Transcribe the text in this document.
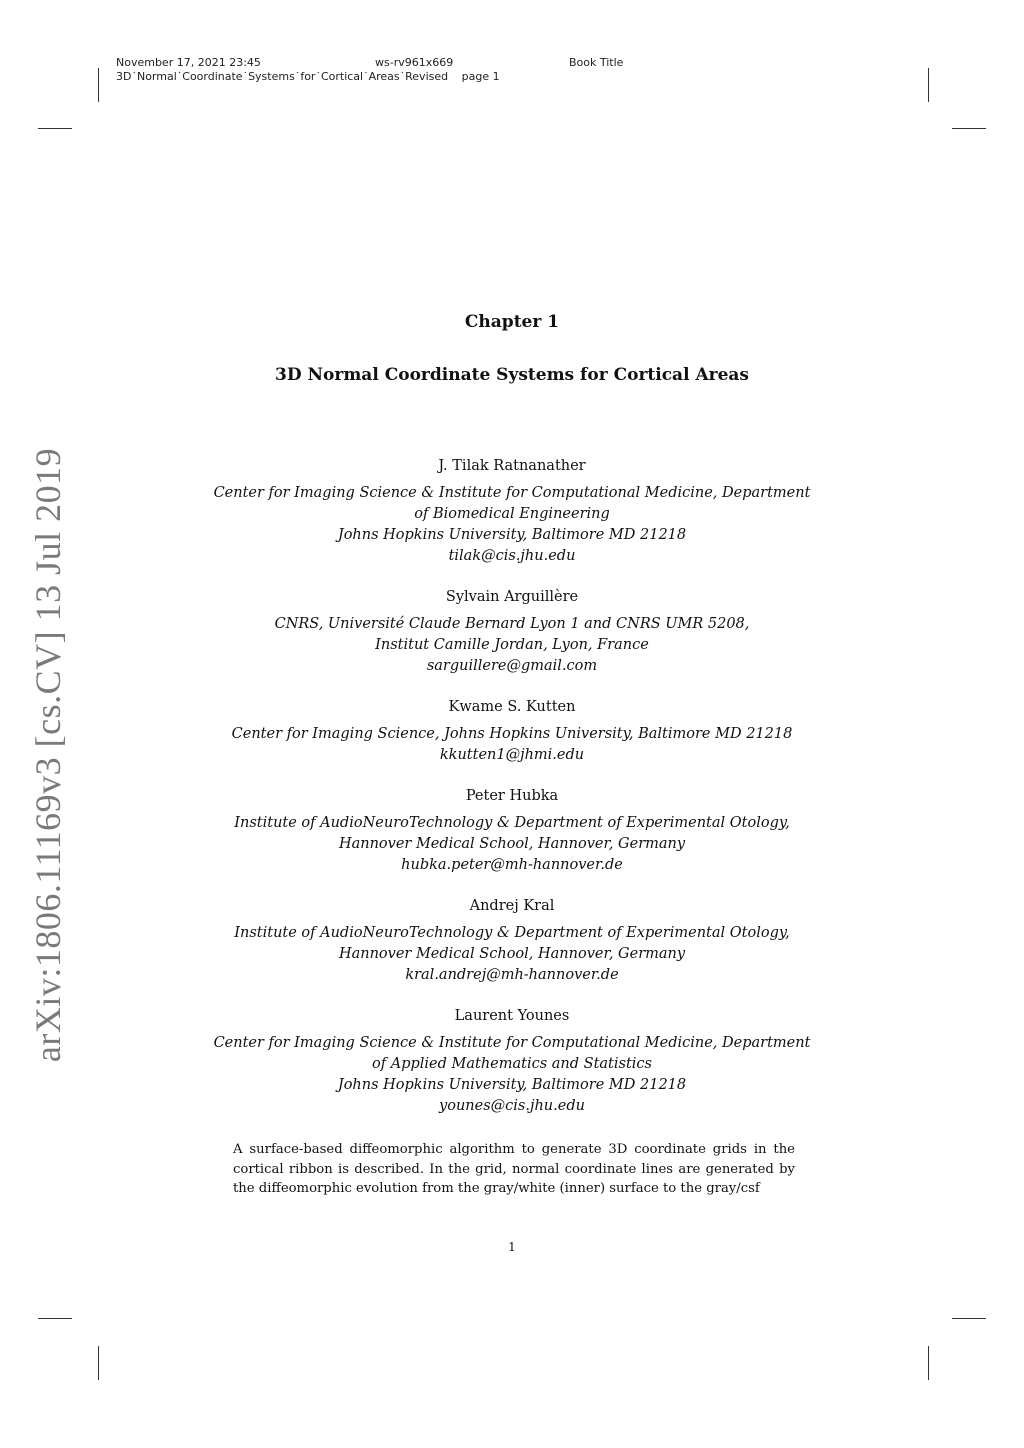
November 17, 2021 23:45	ws-rv961x669	Book Title
3D˙Normal˙Coordinate˙Systems˙for˙Cortical˙Areas˙Revised page 1
arXiv:1806.11169v3 [cs.CV] 13 Jul 2019
Chapter 1
3D Normal Coordinate Systems for Cortical Areas
J. Tilak Ratnanather
Center for Imaging Science & Institute for Computational Medicine, Department
of Biomedical Engineering
Johns Hopkins University, Baltimore MD 21218
tilak@cis.jhu.edu
Sylvain Arguillère
CNRS, Université Claude Bernard Lyon 1 and CNRS UMR 5208,
Institut Camille Jordan, Lyon, France
sarguillere@gmail.com
Kwame S. Kutten
Center for Imaging Science, Johns Hopkins University, Baltimore MD 21218
kkutten1@jhmi.edu
Peter Hubka
Institute of AudioNeuroTechnology & Department of Experimental Otology,
Hannover Medical School, Hannover, Germany
hubka.peter@mh-hannover.de
Andrej Kral
Institute of AudioNeuroTechnology & Department of Experimental Otology,
Hannover Medical School, Hannover, Germany
kral.andrej@mh-hannover.de
Laurent Younes
Center for Imaging Science & Institute for Computational Medicine, Department
of Applied Mathematics and Statistics
Johns Hopkins University, Baltimore MD 21218
younes@cis.jhu.edu
A surface-based diffeomorphic algorithm to generate 3D coordinate grids in the cortical ribbon is described. In the grid, normal coordinate lines are generated by the diffeomorphic evolution from the gray/white (inner) surface to the gray/csf
1
